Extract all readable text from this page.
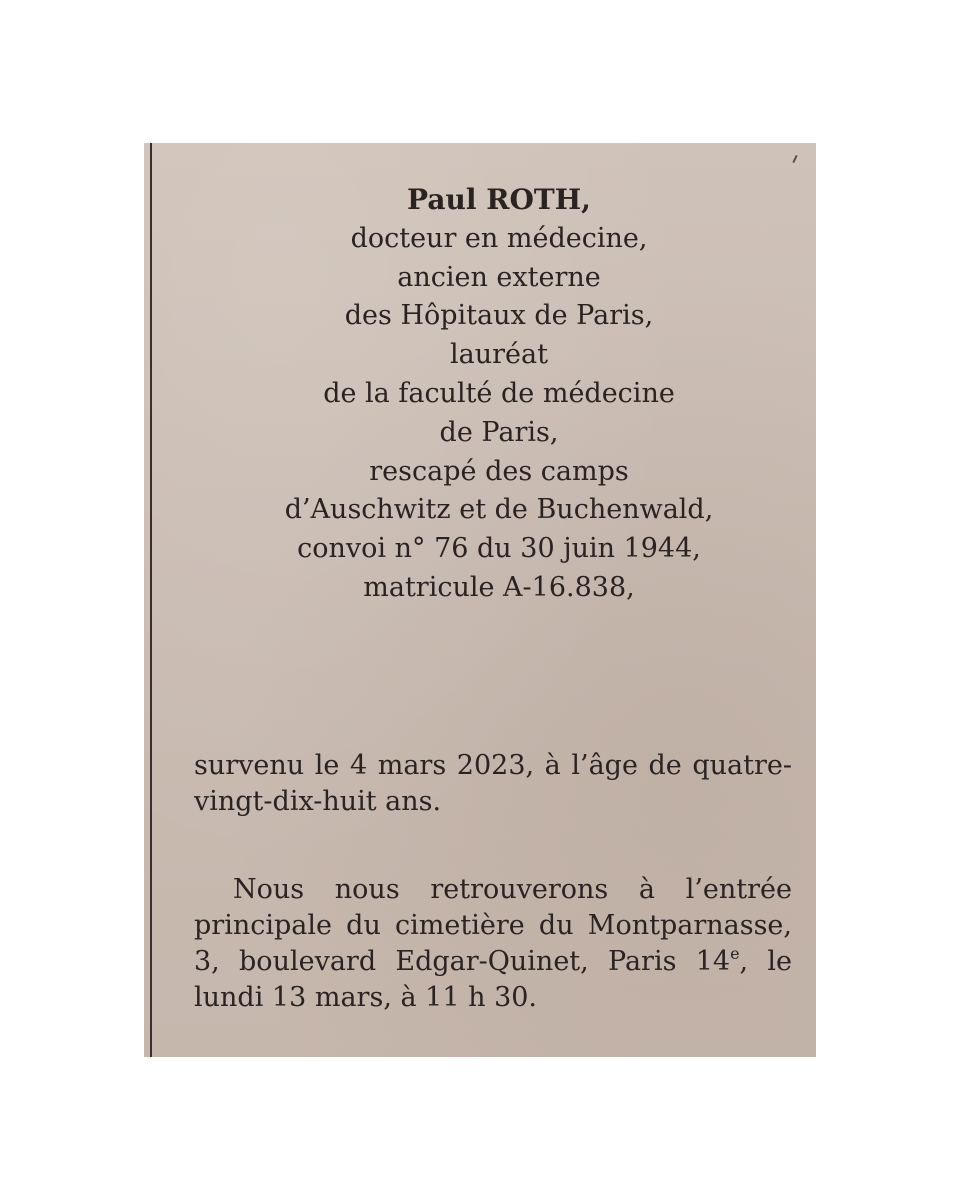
Paul ROTH,
docteur en médecine,
ancien externe
des Hôpitaux de Paris,
lauréat
de la faculté de médecine
de Paris,
rescapé des camps
d’Auschwitz et de Buchenwald,
convoi n° 76 du 30 juin 1944,
matricule A-16.838,

survenu le 4 mars 2023, à l’âge de quatre-vingt-dix-huit ans.

Nous nous retrouverons à l’entrée principale du cimetière du Montparnasse, 3, boulevard Edgar-Quinet, Paris 14e, le lundi 13 mars, à 11 h 30.
